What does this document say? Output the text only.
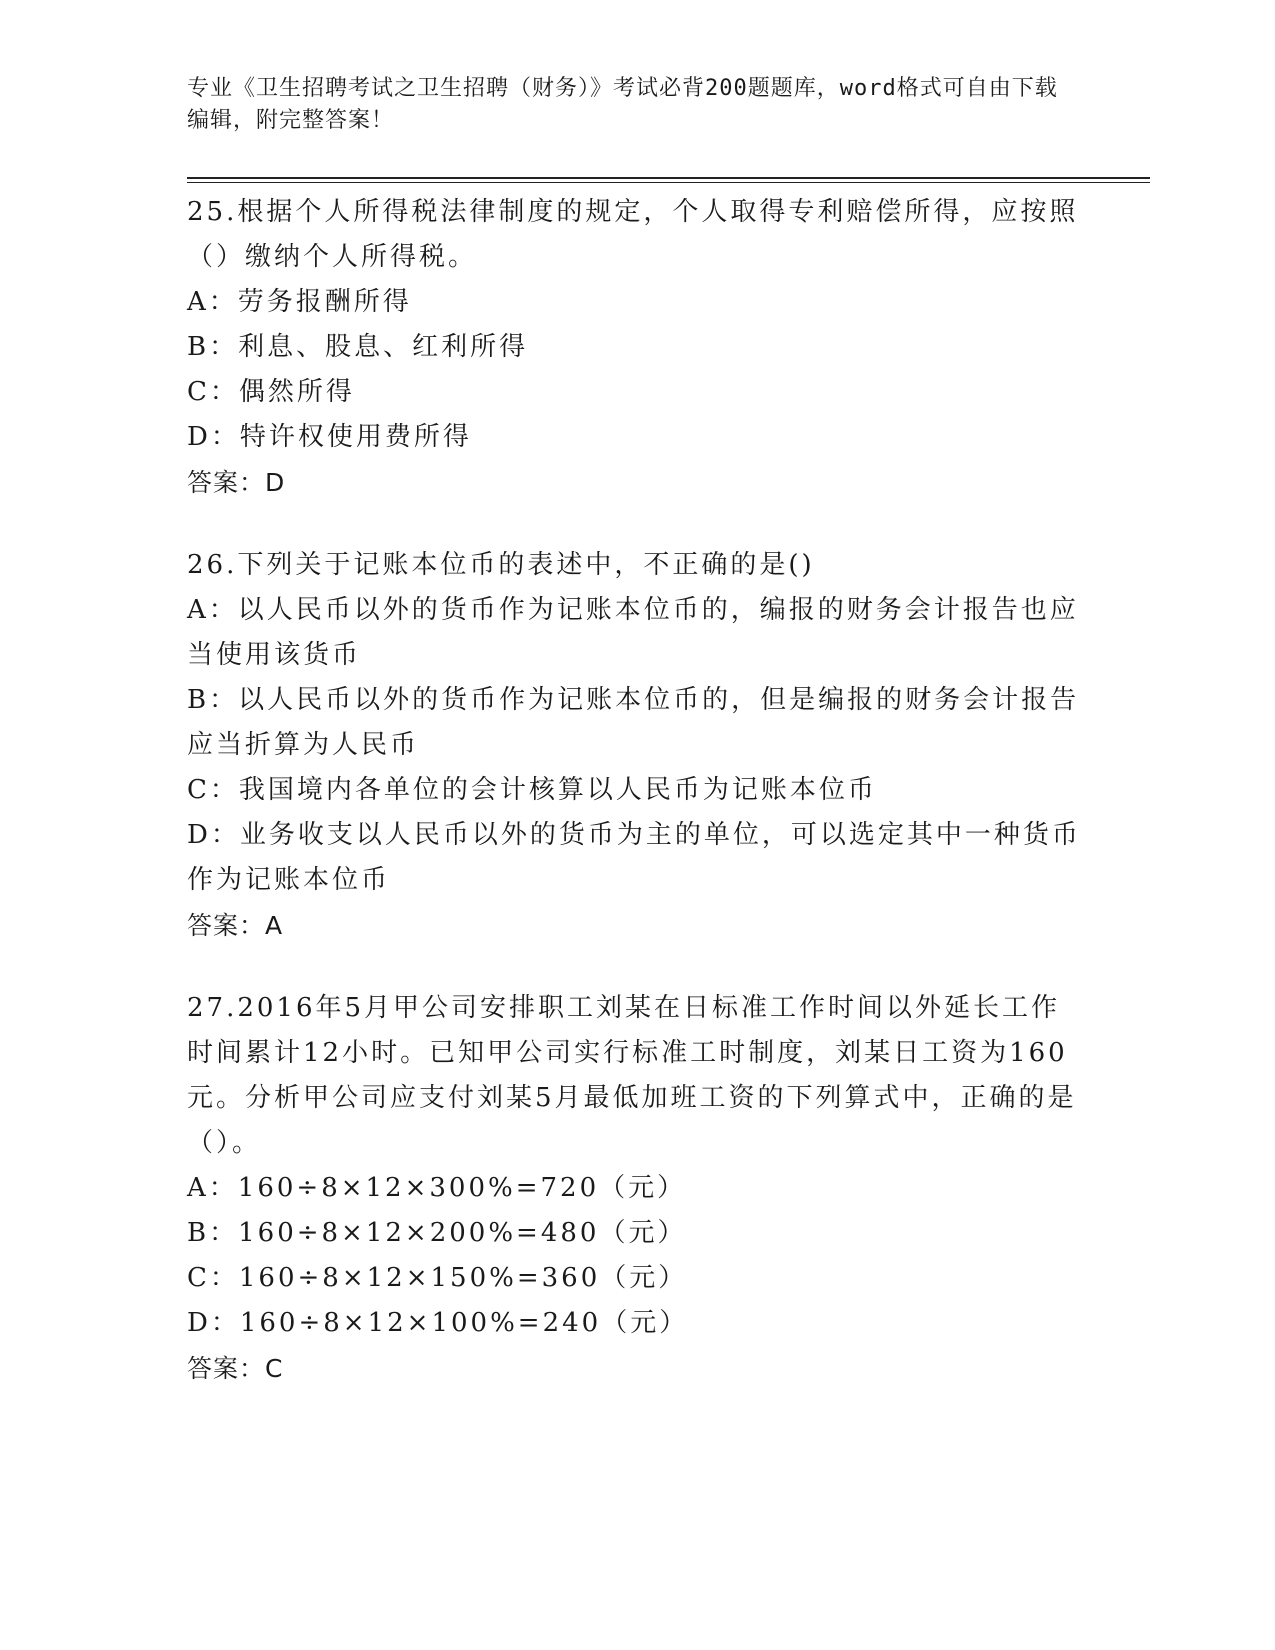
专业《卫生招聘考试之卫生招聘（财务）》考试必背200题题库，word格式可自由下载编辑，附完整答案！

25.根据个人所得税法律制度的规定，个人取得专利赔偿所得，应按照（）缴纳个人所得税。

A：劳务报酬所得

B：利息、股息、红利所得

C：偶然所得

D：特许权使用费所得

答案：D

26.下列关于记账本位币的表述中，不正确的是()

A：以人民币以外的货币作为记账本位币的，编报的财务会计报告也应当使用该货币

B：以人民币以外的货币作为记账本位币的，但是编报的财务会计报告应当折算为人民币

C：我国境内各单位的会计核算以人民币为记账本位币

D：业务收支以人民币以外的货币为主的单位，可以选定其中一种货币作为记账本位币

答案：A

27.2016年5月甲公司安排职工刘某在日标准工作时间以外延长工作时间累计12小时。已知甲公司实行标准工时制度，刘某日工资为160元。分析甲公司应支付刘某5月最低加班工资的下列算式中，正确的是（）。

A：160÷8×12×300%=720（元）

B：160÷8×12×200%=480（元）

C：160÷8×12×150%=360（元）

D：160÷8×12×100%=240（元）

答案：C
